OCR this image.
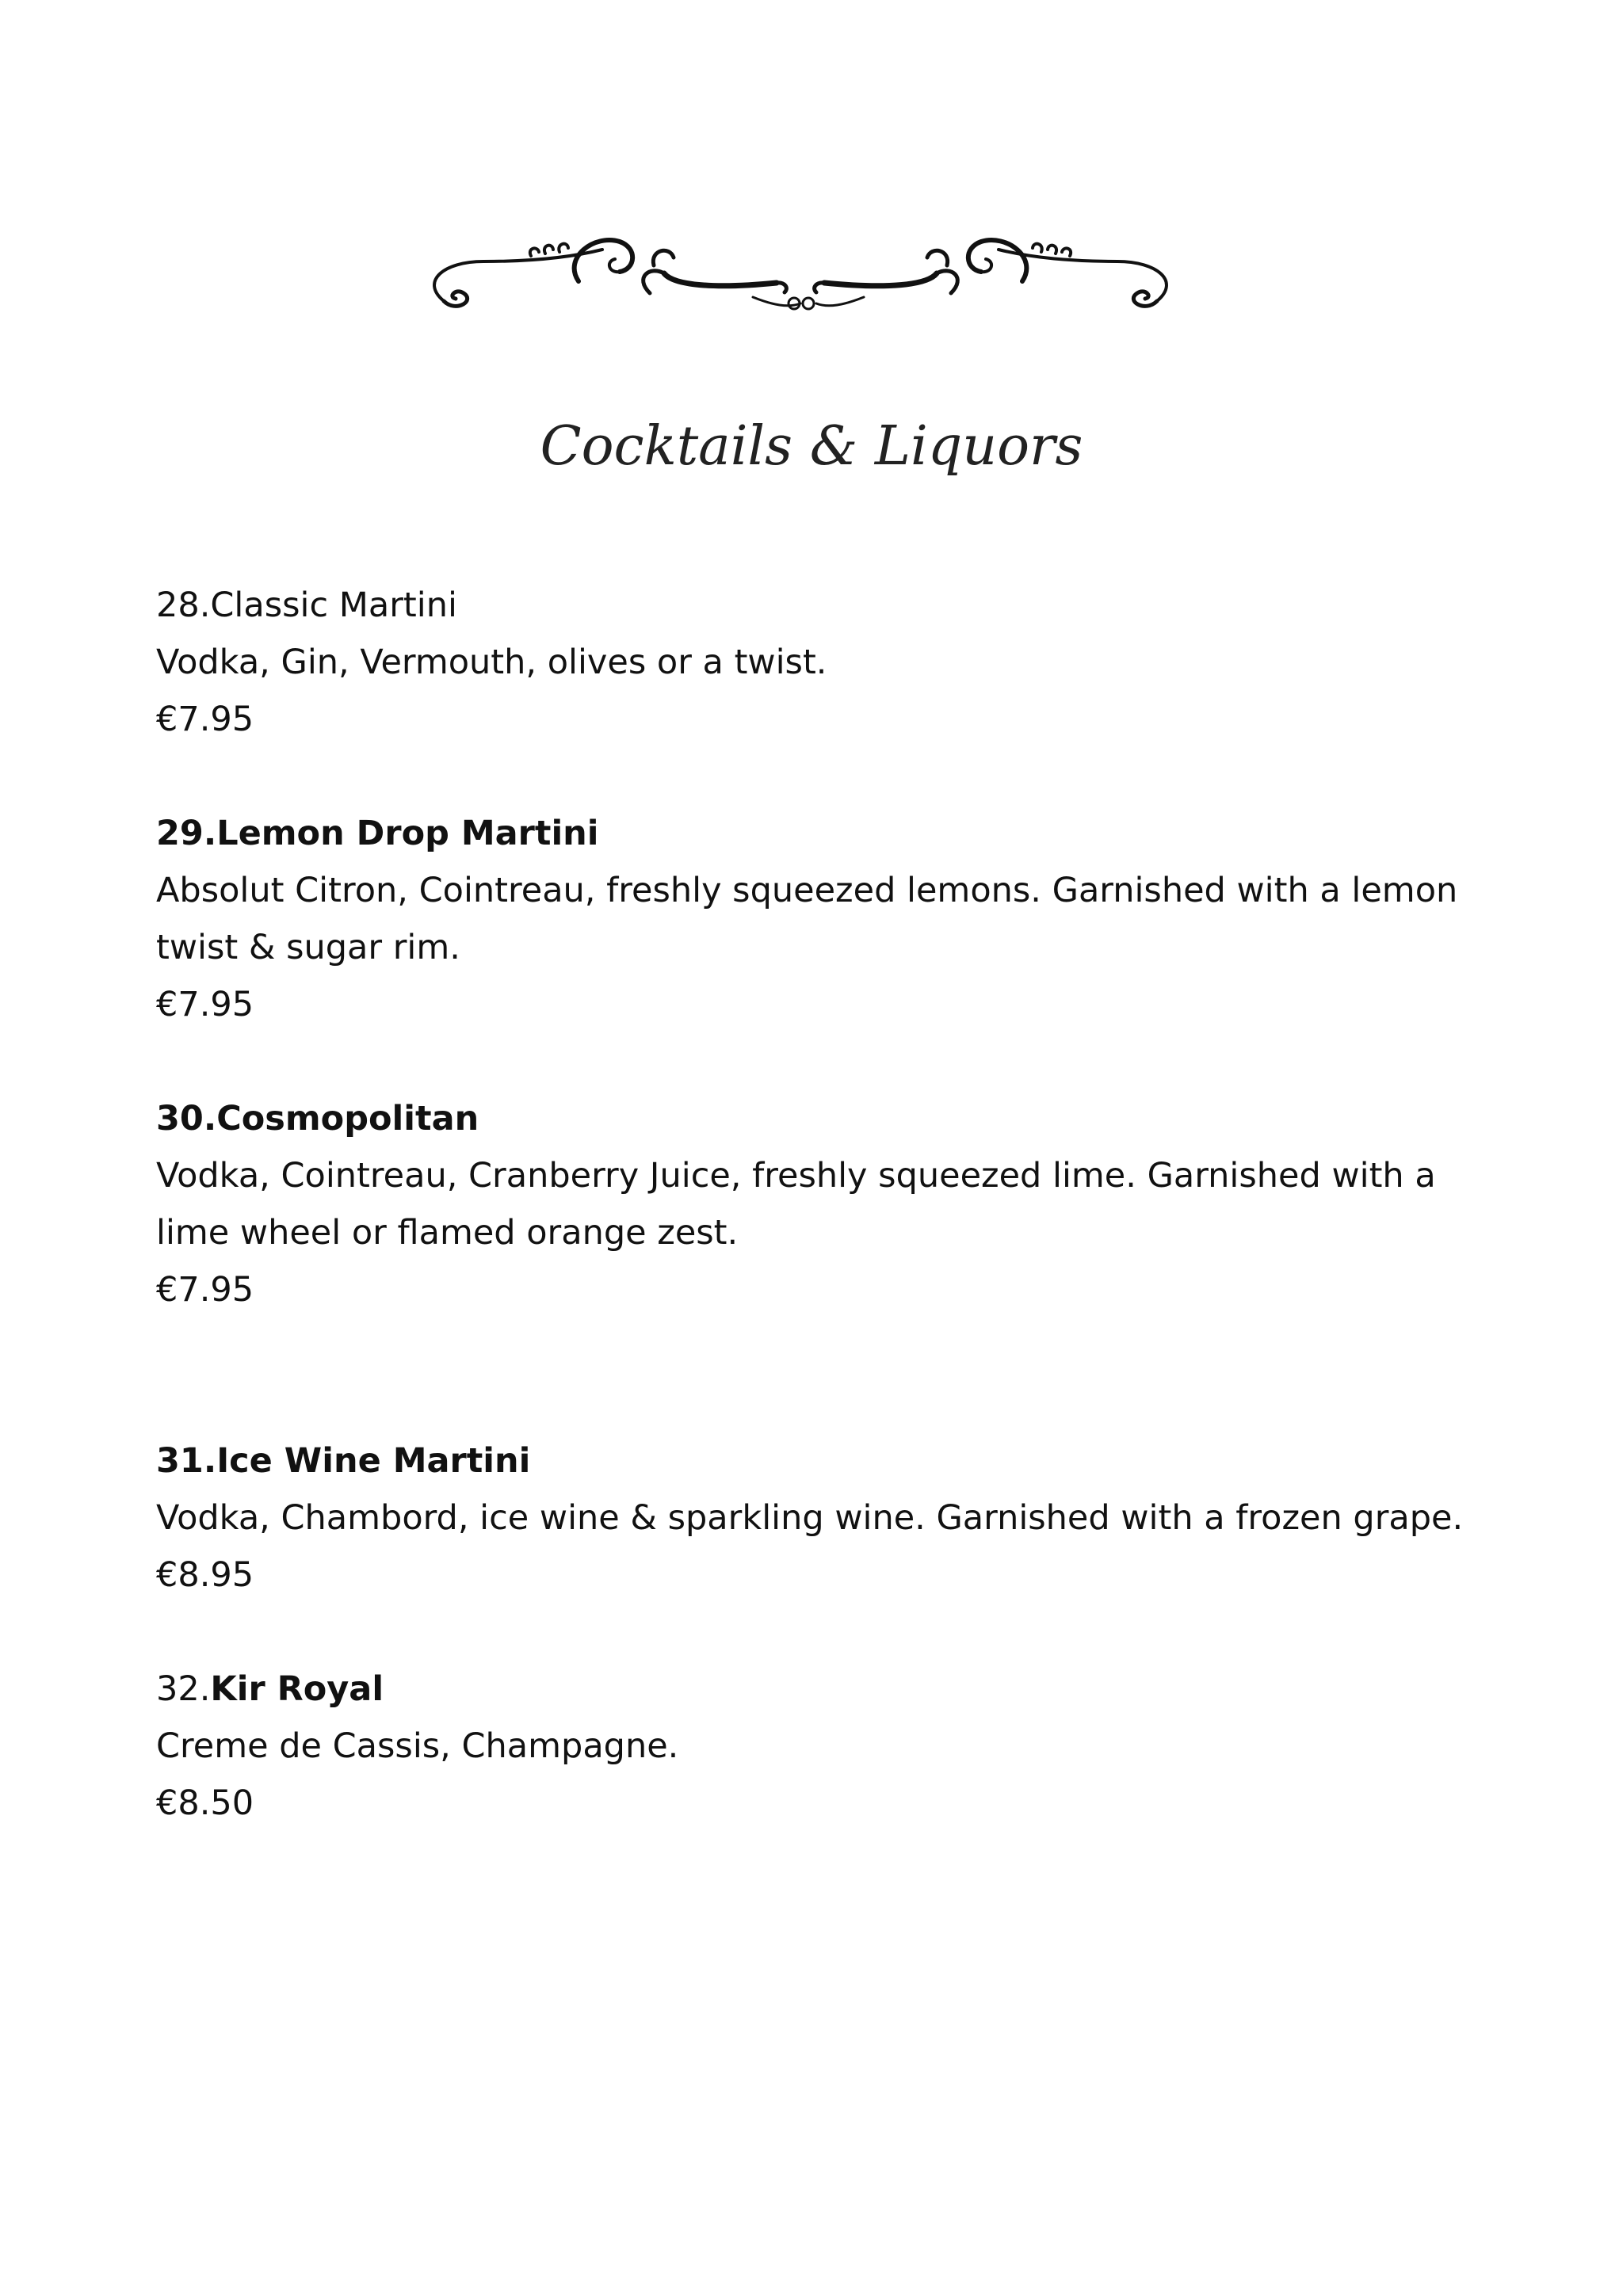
Cocktails & Liquors
28.Classic Martini
Vodka, Gin, Vermouth, olives or a twist.
€7.95
29.Lemon Drop Martini
Absolut Citron, Cointreau, freshly squeezed lemons. Garnished with a lemon twist & sugar rim.
€7.95
30.Cosmopolitan
Vodka, Cointreau, Cranberry Juice, freshly squeezed lime. Garnished with a lime wheel or flamed orange zest.
€7.95
31.Ice Wine Martini
Vodka, Chambord, ice wine & sparkling wine. Garnished with a frozen grape.
€8.95
32.Kir Royal
Creme de Cassis, Champagne.
€8.50
